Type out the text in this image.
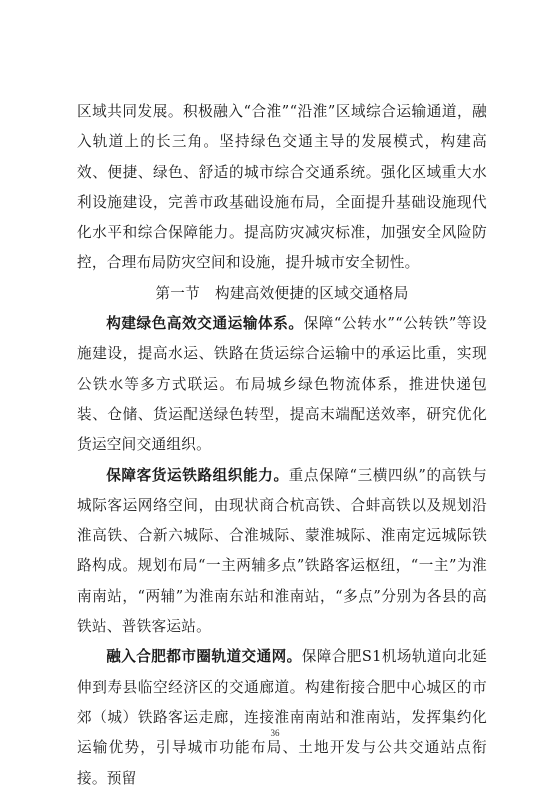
区域共同发展。积极融入“合淮”“沿淮”区域综合运输通道，融入轨道上的长三角。坚持绿色交通主导的发展模式，构建高效、便捷、绿色、舒适的城市综合交通系统。强化区域重大水利设施建设，完善市政基础设施布局，全面提升基础设施现代化水平和综合保障能力。提高防灾减灾标准，加强安全风险防控，合理布局防灾空间和设施，提升城市安全韧性。

第一节　构建高效便捷的区域交通格局

构建绿色高效交通运输体系。保障“公转水”“公转铁”等设施建设，提高水运、铁路在货运综合运输中的承运比重，实现公铁水等多方式联运。布局城乡绿色物流体系，推进快递包装、仓储、货运配送绿色转型，提高末端配送效率，研究优化货运空间交通组织。

保障客货运铁路组织能力。重点保障“三横四纵”的高铁与城际客运网络空间，由现状商合杭高铁、合蚌高铁以及规划沿淮高铁、合新六城际、合淮城际、蒙淮城际、淮南定远城际铁路构成。规划布局“一主两辅多点”铁路客运枢纽，“一主”为淮南南站，“两辅”为淮南东站和淮南站，“多点”分别为各县的高铁站、普铁客运站。

融入合肥都市圈轨道交通网。保障合肥S1机场轨道向北延伸到寿县临空经济区的交通廊道。构建衔接合肥中心城区的市郊（城）铁路客运走廊，连接淮南南站和淮南站，发挥集约化运输优势，引导城市功能布局、土地开发与公共交通站点衔接。预留

36
